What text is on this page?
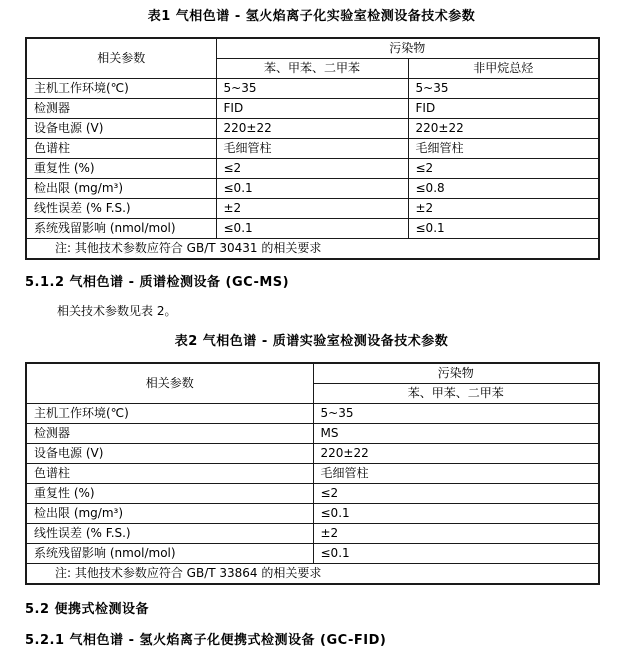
表1 气相色谱 - 氢火焰离子化实验室检测设备技术参数
相关参数	污染物	
	苯、甲苯、二甲苯	非甲烷总烃
主机工作环境(℃)	5~35	5~35
检测器	FID	FID
设备电源 (V)	220±22	220±22
色谱柱	毛细管柱	毛细管柱
重复性 (%)	≤2	≤2
检出限 (mg/m³)	≤0.1	≤0.8
线性误差 (% F.S.)	±2	±2
系统残留影响 (nmol/mol)	≤0.1	≤0.1
注: 其他技术参数应符合 GB/T 30431 的相关要求		
5.1.2 气相色谱 - 质谱检测设备 (GC-MS)
相关技术参数见表 2。
表2 气相色谱 - 质谱实验室检测设备技术参数
相关参数	污染物
	苯、甲苯、二甲苯
主机工作环境(℃)	5~35
检测器	MS
设备电源 (V)	220±22
色谱柱	毛细管柱
重复性 (%)	≤2
检出限 (mg/m³)	≤0.1
线性误差 (% F.S.)	±2
系统残留影响 (nmol/mol)	≤0.1
注: 其他技术参数应符合 GB/T 33864 的相关要求	
5.2 便携式检测设备
5.2.1 气相色谱 - 氢火焰离子化便携式检测设备 (GC-FID)
